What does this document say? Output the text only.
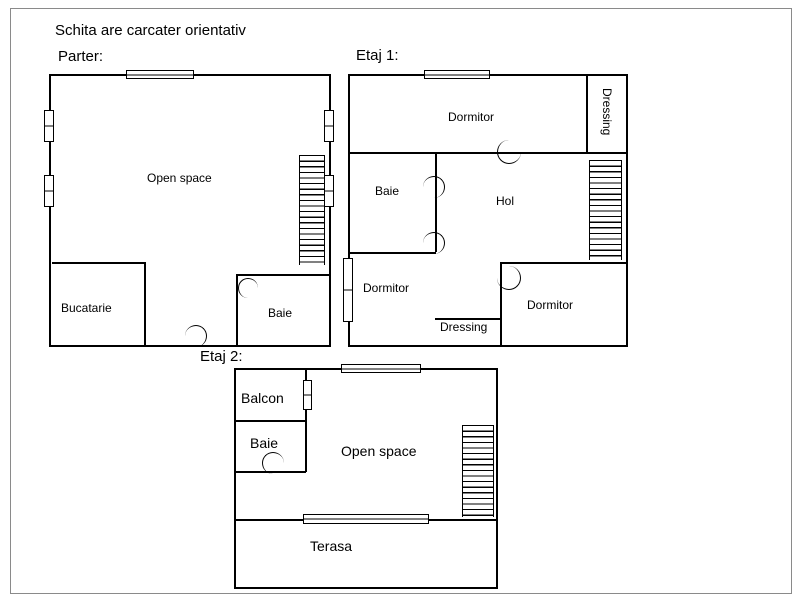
Schita are carcater orientativ
Parter:
Open space
Bucatarie	Baie
Etaj 1:
Dormitor	Dressing
Baie
Hol
Dormitor
Dressing
Dormitor
Etaj 2:
Balcon
Baie	Open space
Terasa
